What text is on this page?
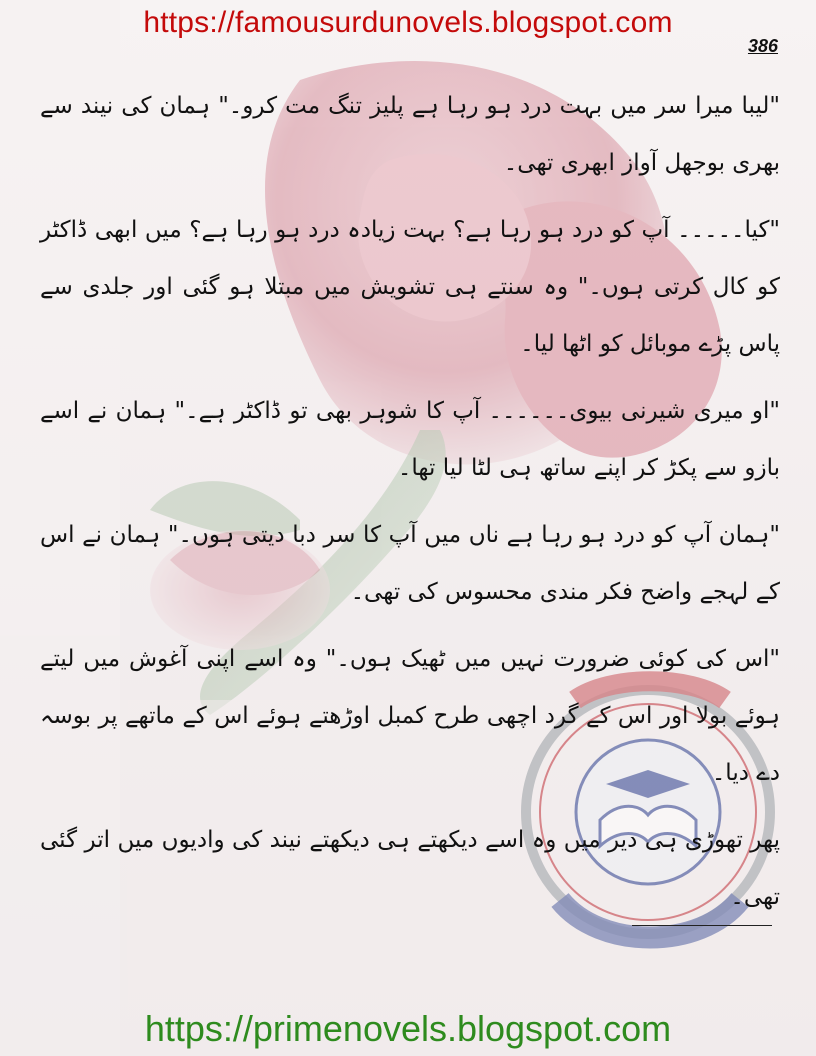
https://famousurdunovels.blogspot.com
386

"لیبا میرا سر میں بہت درد ہو رہا ہے پلیز تنگ مت کرو۔" ہمان کی نیند سے بھری بوجھل آواز ابھری تھی۔

"کیا۔۔۔۔۔ آپ کو درد ہو رہا ہے؟ بہت زیادہ درد ہو رہا ہے؟ میں ابھی ڈاکٹر کو کال کرتی ہوں۔" وہ سنتے ہی تشویش میں مبتلا ہو گئی اور جلدی سے پاس پڑے موبائل کو اٹھا لیا۔

"او میری شیرنی بیوی۔۔۔۔۔۔ آپ کا شوہر بھی تو ڈاکٹر ہے۔" ہمان نے اسے بازو سے پکڑ کر اپنے ساتھ ہی لٹا لیا تھا۔

"ہمان آپ کو درد ہو رہا ہے ناں میں آپ کا سر دبا دیتی ہوں۔" ہمان نے اس کے لہجے واضح فکر مندی محسوس کی تھی۔

"اس کی کوئی ضرورت نہیں میں ٹھیک ہوں۔" وہ اسے اپنی آغوش میں لیتے ہوئے بولا اور اس کے گرد اچھی طرح کمبل اوڑھتے ہوئے اس کے ماتھے پر بوسہ دے دیا۔

پھر تھوڑی ہی دیر میں وہ اسے دیکھتے ہی دیکھتے نیند کی وادیوں میں اتر گئی تھی۔

https://primenovels.blogspot.com
